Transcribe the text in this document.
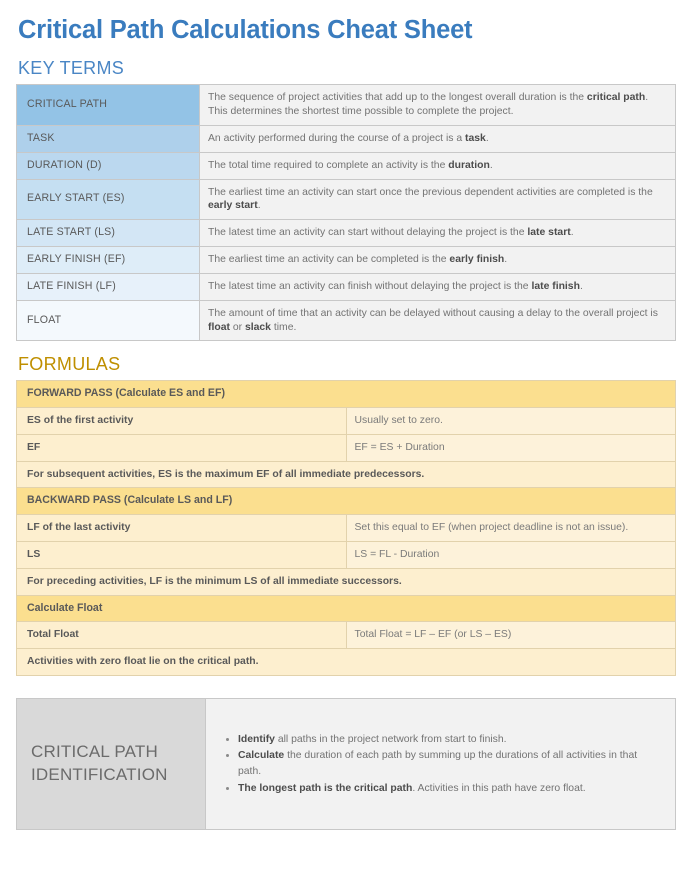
Critical Path Calculations Cheat Sheet
KEY TERMS
CRITICAL PATH	The sequence of project activities that add up to the longest overall duration is the critical path. This determines the shortest time possible to complete the project.
TASK	An activity performed during the course of a project is a task.
DURATION (D)	The total time required to complete an activity is the duration.
EARLY START (ES)	The earliest time an activity can start once the previous dependent activities are completed is the early start.
LATE START (LS)	The latest time an activity can start without delaying the project is the late start.
EARLY FINISH (EF)	The earliest time an activity can be completed is the early finish.
LATE FINISH (LF)	The latest time an activity can finish without delaying the project is the late finish.
FLOAT	The amount of time that an activity can be delayed without causing a delay to the overall project is float or slack time.
FORMULAS
FORWARD PASS (Calculate ES and EF)	
ES of the first activity	Usually set to zero.
EF	EF = ES + Duration
For subsequent activities, ES is the maximum EF of all immediate predecessors.	
BACKWARD PASS (Calculate LS and LF)	
LF of the last activity	Set this equal to EF (when project deadline is not an issue).
LS	LS = FL - Duration
For preceding activities, LF is the minimum LS of all immediate successors.	
Calculate Float	
Total Float	Total Float = LF – EF (or LS – ES)
Activities with zero float lie on the critical path.	
CRITICAL PATH IDENTIFICATION	
• Identify all paths in the project network from start to finish.
• Calculate the duration of each path by summing up the durations of all activities in that path.
• The longest path is the critical path. Activities in this path have zero float.
